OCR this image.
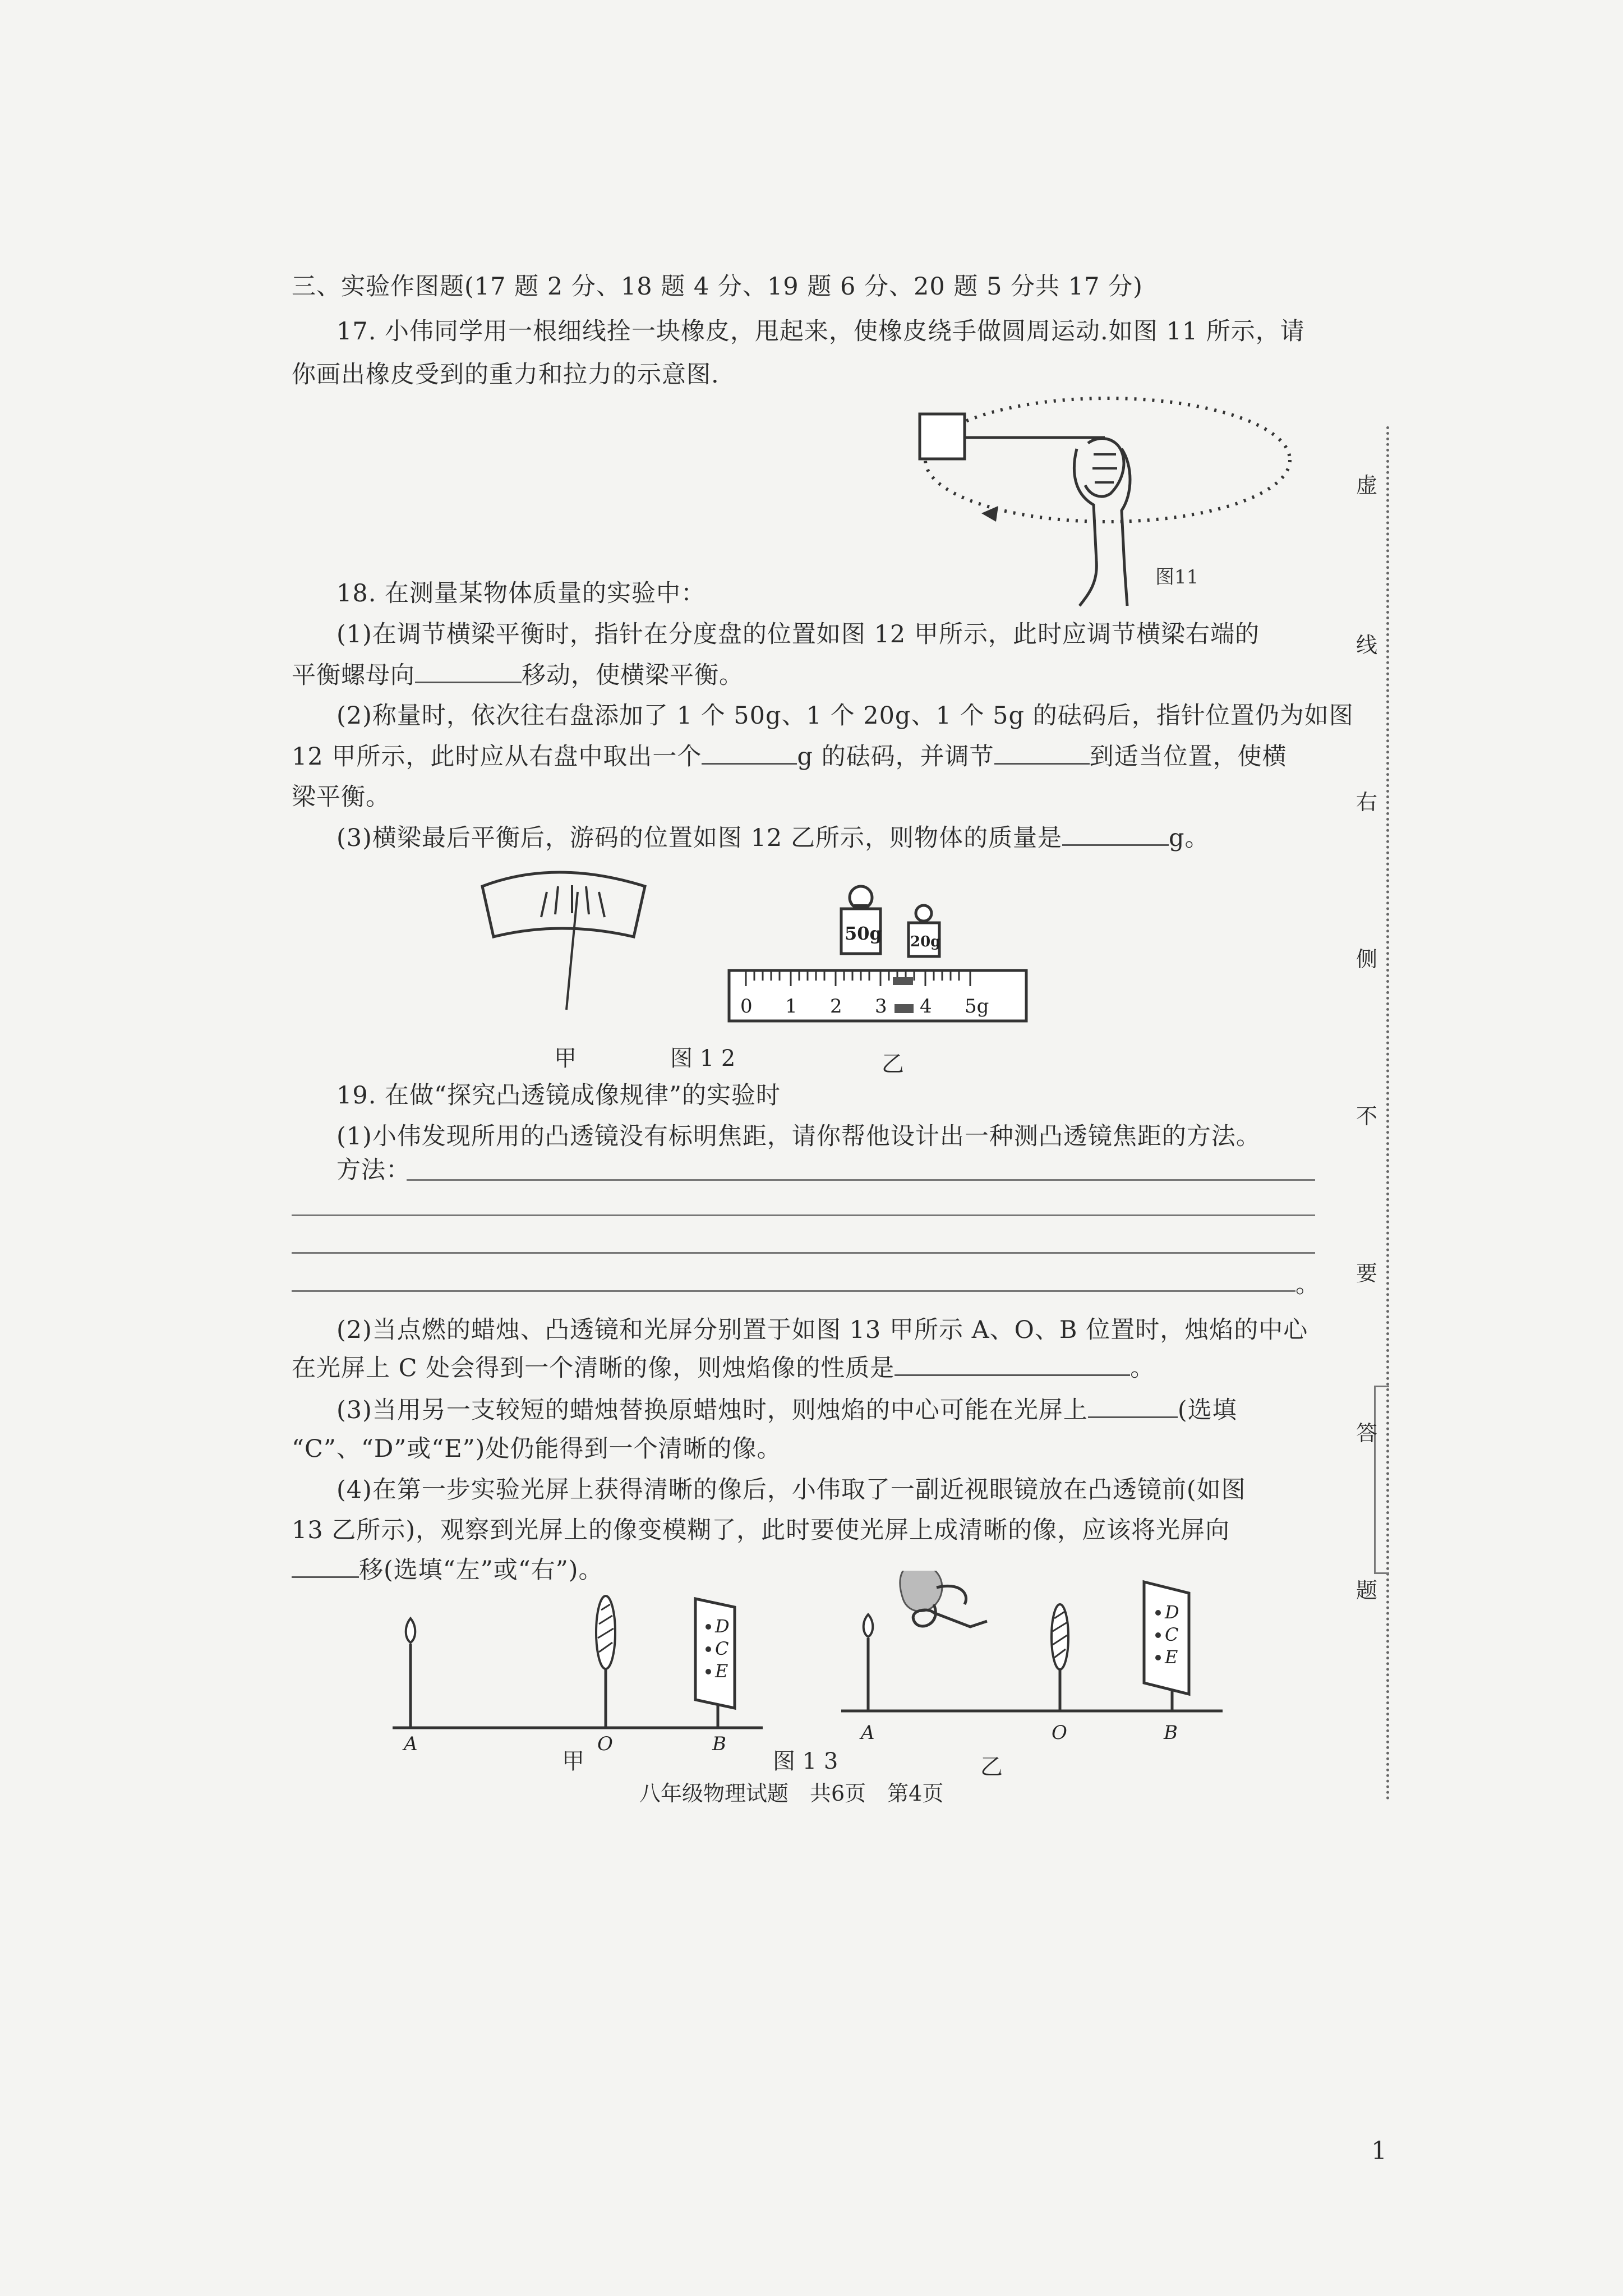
三、实验作图题(17 题 2 分、18 题 4 分、19 题 6 分、20 题 5 分共 17 分)
17. 小伟同学用一根细线拴一块橡皮，甩起来，使橡皮绕手做圆周运动.如图 11 所示，请
你画出橡皮受到的重力和拉力的示意图.
图11
18. 在测量某物体质量的实验中：
(1)在调节横梁平衡时，指针在分度盘的位置如图 12 甲所示，此时应调节横梁右端的
平衡螺母向	移动，使横梁平衡。
(2)称量时，依次往右盘添加了 1 个 50g、1 个 20g、1 个 5g 的砝码后，指针位置仍为如图
12 甲所示，此时应从右盘中取出一个	g 的砝码，并调节	到适当位置，使横
梁平衡。
(3)横梁最后平衡后，游码的位置如图 12 乙所示，则物体的质量是	g。
50g 20g
0 1 2 3 4 5g
甲	图 1 2	乙
19. 在做“探究凸透镜成像规律”的实验时
(1)小伟发现所用的凸透镜没有标明焦距，请你帮他设计出一种测凸透镜焦距的方法。
方法：
。
(2)当点燃的蜡烛、凸透镜和光屏分别置于如图 13 甲所示 A、O、B 位置时，烛焰的中心
在光屏上 C 处会得到一个清晰的像，则烛焰像的性质是	。
(3)当用另一支较短的蜡烛替换原蜡烛时，则烛焰的中心可能在光屏上	(选填
“C”、“D”或“E”)处仍能得到一个清晰的像。
(4)在第一步实验光屏上获得清晰的像后，小伟取了一副近视眼镜放在凸透镜前(如图
13 乙所示)，观察到光屏上的像变模糊了，此时要使光屏上成清晰的像，应该将光屏向
移(选填“左”或“右”)。
A	O	B
D
C
E
D
C
E
A	O	B
甲	图 1 3	乙
八年级物理试题　共6页　第4页
1
虚
线
右
侧
不
要
答
题
